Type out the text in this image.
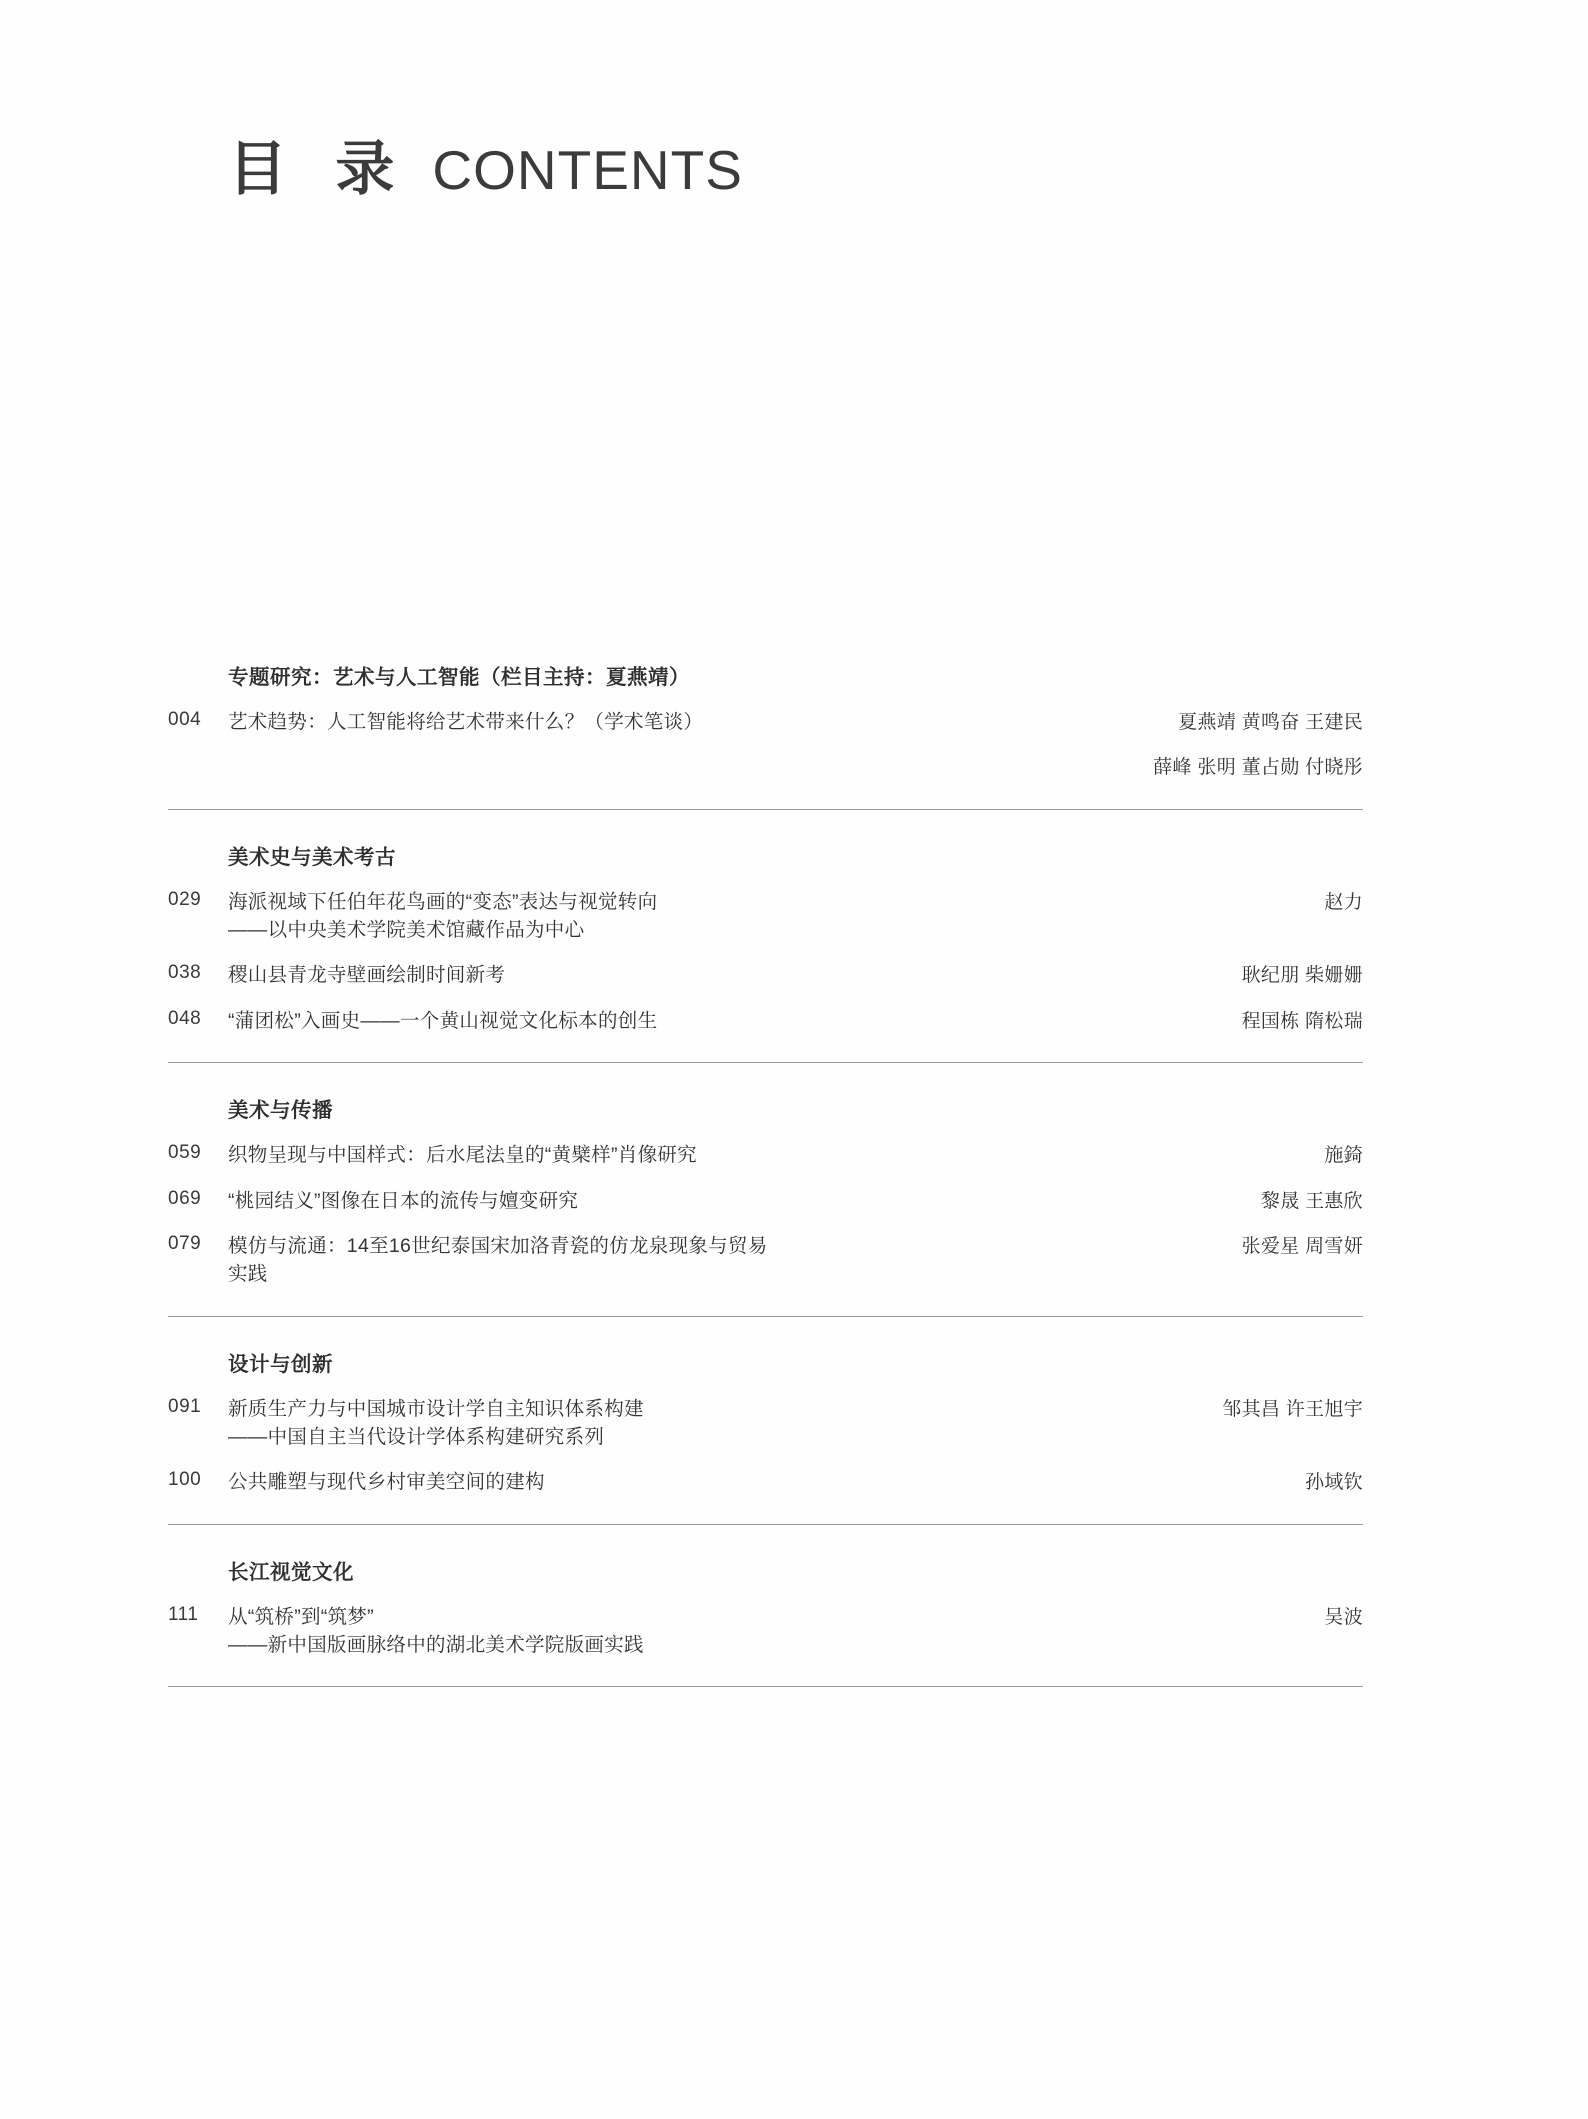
目 录 CONTENTS
专题研究：艺术与人工智能（栏目主持：夏燕靖）
004	艺术趋势：人工智能将给艺术带来什么？（学术笔谈）	夏燕靖 黄鸣奋 王建民
薛峰 张明 董占勋 付晓彤
美术史与美术考古
029	海派视域下任伯年花鸟画的“变态”表达与视觉转向
——以中央美术学院美术馆藏作品为中心
赵力
038	稷山县青龙寺壁画绘制时间新考	耿纪朋 柴姗姗
048	“蒲团松”入画史——一个黄山视觉文化标本的创生	程国栋 隋松瑞
美术与传播
059	织物呈现与中国样式：后水尾法皇的“黄檗样”肖像研究	施錡
069	“桃园结义”图像在日本的流传与嬗变研究	黎晟 王惠欣
079	模仿与流通：14至16世纪泰国宋加洛青瓷的仿龙泉现象与贸易
实践
张爱星 周雪妍
设计与创新
091	新质生产力与中国城市设计学自主知识体系构建
——中国自主当代设计学体系构建研究系列
邹其昌 许王旭宇
100	公共雕塑与现代乡村审美空间的建构	孙域钦
长江视觉文化
111	从“筑桥”到“筑梦”
——新中国版画脉络中的湖北美术学院版画实践
吴波
